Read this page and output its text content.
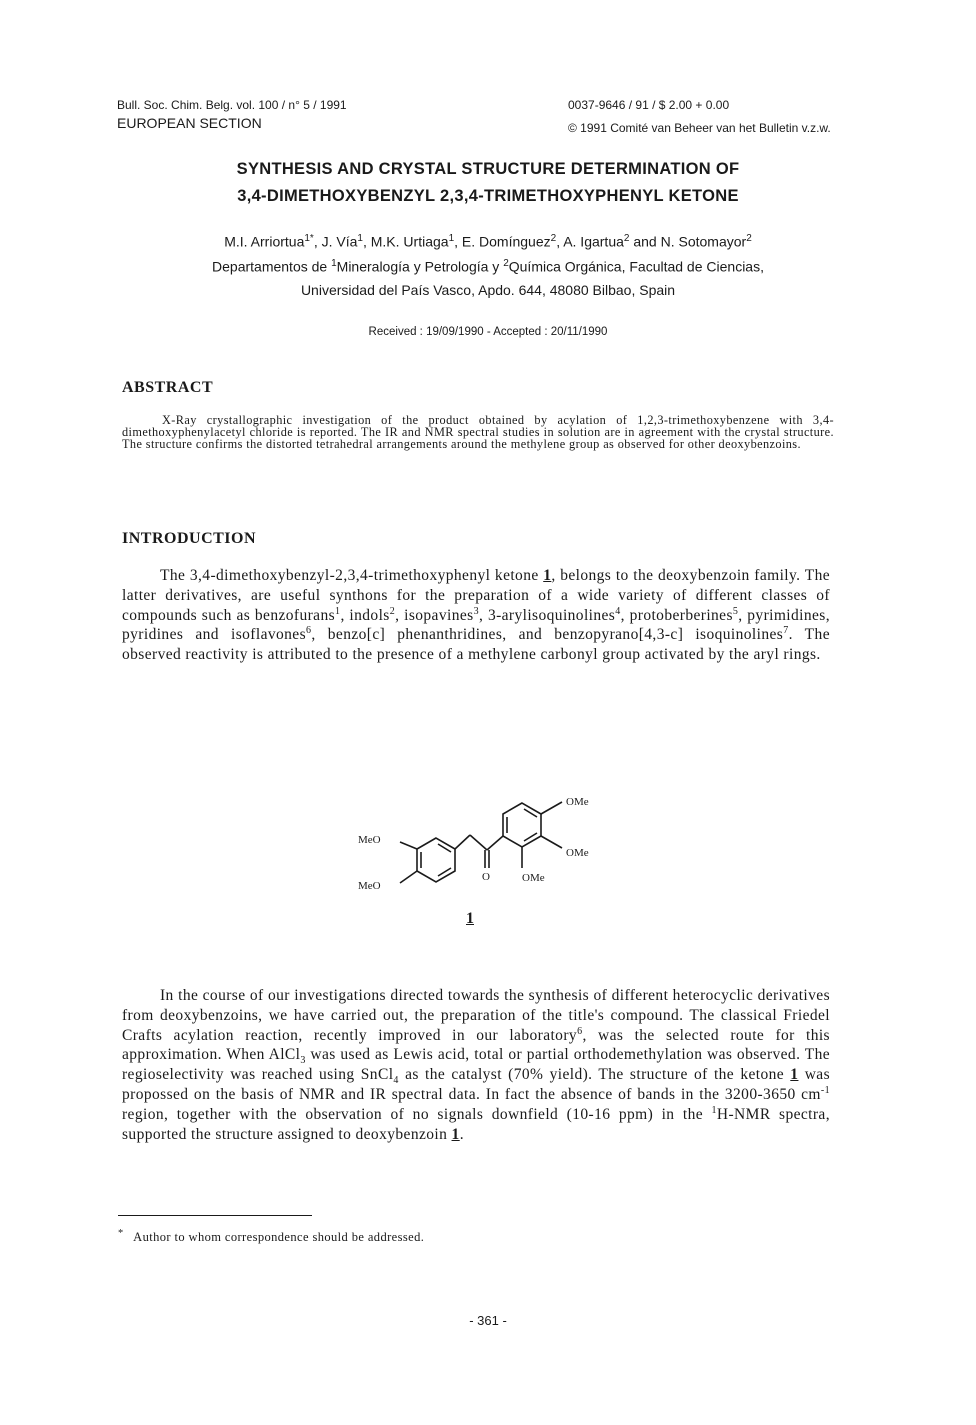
Bull. Soc. Chim. Belg. vol. 100 / n° 5 / 1991
EUROPEAN SECTION
0037-9646 / 91 / $ 2.00 + 0.00
© 1991 Comité van Beheer van het Bulletin v.z.w.
SYNTHESIS AND CRYSTAL STRUCTURE DETERMINATION OF
3,4-DIMETHOXYBENZYL 2,3,4-TRIMETHOXYPHENYL KETONE
M.I. Arriortua$^{1*}$, J. Vía$^1$, M.K. Urtiaga$^1$, E. Domínguez$^2$, A. Igartua$^2$ and N. Sotomayor$^2$
Departamentos de $^1$Mineralogía y Petrología y $^2$Química Orgánica, Facultad de Ciencias,
Universidad del País Vasco, Apdo. 644, 48080 Bilbao, Spain
Received : 19/09/1990 - Accepted : 20/11/1990
ABSTRACT

X-Ray crystallographic investigation of the product obtained by acylation of 1,2,3-trimethoxybenzene with 3,4-dimethoxyphenylacetyl chloride is reported. The IR and NMR spectral studies in solution are in agreement with the crystal structure. The structure confirms the distorted tetrahedral arrangements around the methylene group as observed for other deoxybenzoins.

INTRODUCTION

The 3,4-dimethoxybenzyl-2,3,4-trimethoxyphenyl ketone 1, belongs to the deoxybenzoin family. The latter derivatives, are useful synthons for the preparation of a wide variety of different classes of compounds such as benzofurans$^1$, indols$^2$, isopavines$^3$, 3-arylisoquinolines$^4$, protoberberines$^5$, pyrimidines, pyridines and isoflavones$^6$, benzo[c] phenanthridines, and benzopyrano[4,3-c] isoquinolines$^7$. The observed reactivity is attributed to the presence of a methylene carbonyl group activated by the aryl rings.

MeO
MeO
O
OMe
OMe
OMe
1

In the course of our investigations directed towards the synthesis of different heterocyclic derivatives from deoxybenzoins, we have carried out, the preparation of the title's compound. The classical Friedel Crafts acylation reaction, recently improved in our laboratory$^6$, was the selected route for this approximation. When AlCl$_3$ was used as Lewis acid, total or partial orthodemethylation was observed. The regioselectivity was reached using SnCl$_4$ as the catalyst (70% yield). The structure of the ketone 1 was propossed on the basis of NMR and IR spectral data. In fact the absence of bands in the 3200-3650 $cm^{-1}$ region, together with the observation of no signals downfield (10-16 ppm) in the $^1$H-NMR spectra, supported the structure assigned to deoxybenzoin 1.

* Author to whom correspondence should be addressed.
- 361 -
